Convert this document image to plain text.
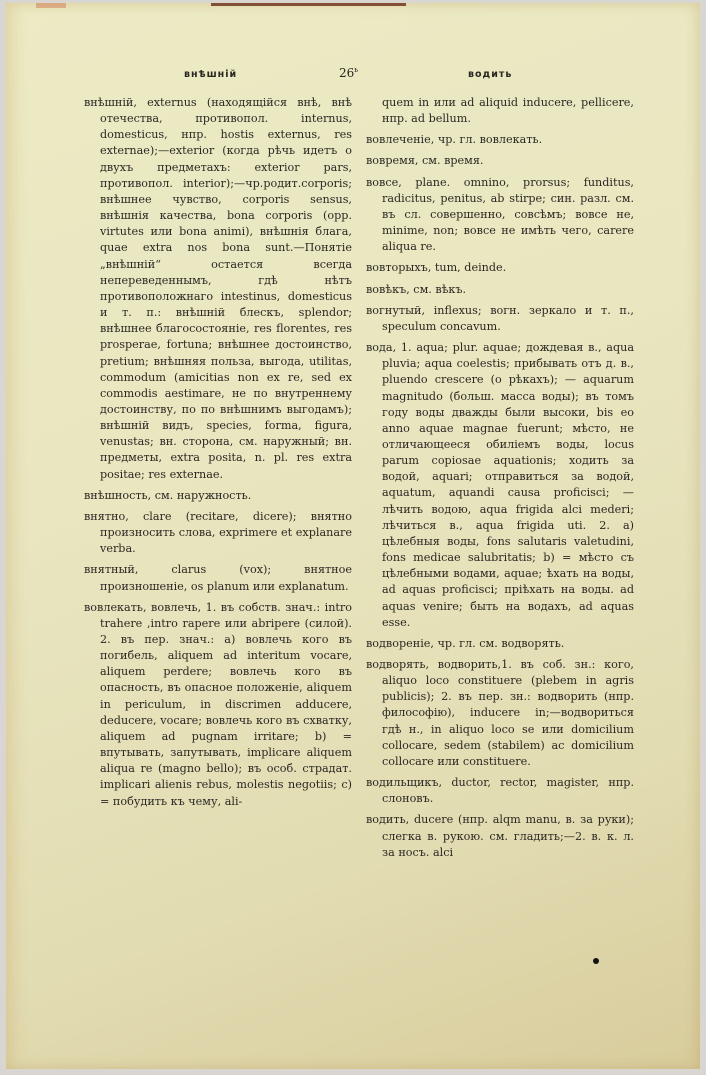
внѣшній	$26^ь$	водить

внѣшній, externus (находящійся внѣ, внѣ отечества, противопол. internus, domesticus, нпр. hostis externus, res externae);—exterior (когда рѣчь идетъ о двухъ предметахъ: exterior pars, противопол. interior);—чр.родит.corporis; внѣшнее чувство, corporis sensus, внѣшнія качества, bona corporis (opp. virtutes или bona animi), внѣшнія блага, quae extra nos bona sunt.—Понятіе „внѣшній“ остается всегда непереведеннымъ, гдѣ нѣтъ противоположнаго intestinus, domesticus и т. п.: внѣшній блескъ, splendor; внѣшнее благосостояніе, res florentes, res prosperae, fortuna; внѣшнее достоинство, pretium; внѣшняя польза, выгода, utilitas, commodum (amicitias non ex re, sed ex commodis aestimare, не по внутреннему достоинству, по по внѣшнимъ выгодамъ); внѣшній видъ, species, forma, figura, venustas; вн. сторона, см. наружный; вн. предметы, extra posita, n. pl. res extra positae; res externae.

внѣшность, см. наружность.

внятно, clare (recitare, dicere); внятно произносить слова, exprimere et explanare verba.

внятный, clarus (vox); внятное произношеніе, os planum или explanatum.

вовлекать, вовлечь, 1. въ собств. знач.: intro trahere ,intro rapere или abripere (силой). 2. въ пер. знач.: a) вовлечь кого въ погибель, aliquem ad interitum vocare, aliquem perdere; вовлечь кого въ опасность, въ опасное положеніе, aliquem in periculum, in discrimen adducere, deducere, vocare; вовлечь кого въ схватку, aliquem ad pugnam irritare; b) = впутывать, запутывать, implicare aliquem aliqua re (magno bello); въ особ. страдат. implicari alienis rebus, molestis negotiis; c) = побудить къ чему, ali-

quem in или ad aliquid inducere, pellicere, нпр. ad bellum.

вовлеченіе, чр. гл. вовлекать.

вовремя, см. время.

вовсе, plane. omnino, prorsus; funditus, radicitus, penitus, ab stirpe; син. разл. см. въ сл. совершенно, совсѣмъ; вовсе не, minime, non; вовсе не имѣть чего, carere aliqua re.

вовторыхъ, tum, deinde.

вовѣкъ, см. вѣкъ.

вогнутый, inflexus; вогн. зеркало и т. п., speculum concavum.

вода, 1. aqua; plur. aquae; дождевая в., aqua pluvia; aqua coelestis; прибывать отъ д. в., pluendo crescere (о рѣкахъ); — aquarum magnitudo (больш. масса воды); въ томъ году воды дважды были высоки, bis eo anno aquae magnae fuerunt; мѣсто, не отличающееся обиліемъ воды, locus parum copiosae aquationis; ходить за водой, aquari; отправиться за водой, aquatum, aquandi causa proficisci; — лѣчить водою, aqua frigida alci mederi; лѣчиться в., aqua frigida uti. 2. a) цѣлебныя воды, fons salutaris valetudini, fons medicae salubritatis; b) = мѣсто съ цѣлебными водами, aquae; ѣхать на воды, ad aquas proficisci; пріѣхать на воды. ad aquas venire; быть на водахъ, ad aquas esse.

водвореніе, чр. гл. см. водворять.

водворять, водворить,1. въ соб. зн.: кого, aliquo loco constituere (plebem in agris publicis); 2. въ пер. зн.: водворить (нпр. философію), inducere in;—водвориться гдѣ н., in aliquo loco se или domicilium collocare, sedem (stabilem) ac domicilium collocare или constituere.

водильщикъ, ductor, rector, magister, нпр. слоновъ.

водить, ducere (нпр. alqm manu, в. за руки); слегка в. рукою. см. гладить;—2. в. к. л. за носъ. alci
